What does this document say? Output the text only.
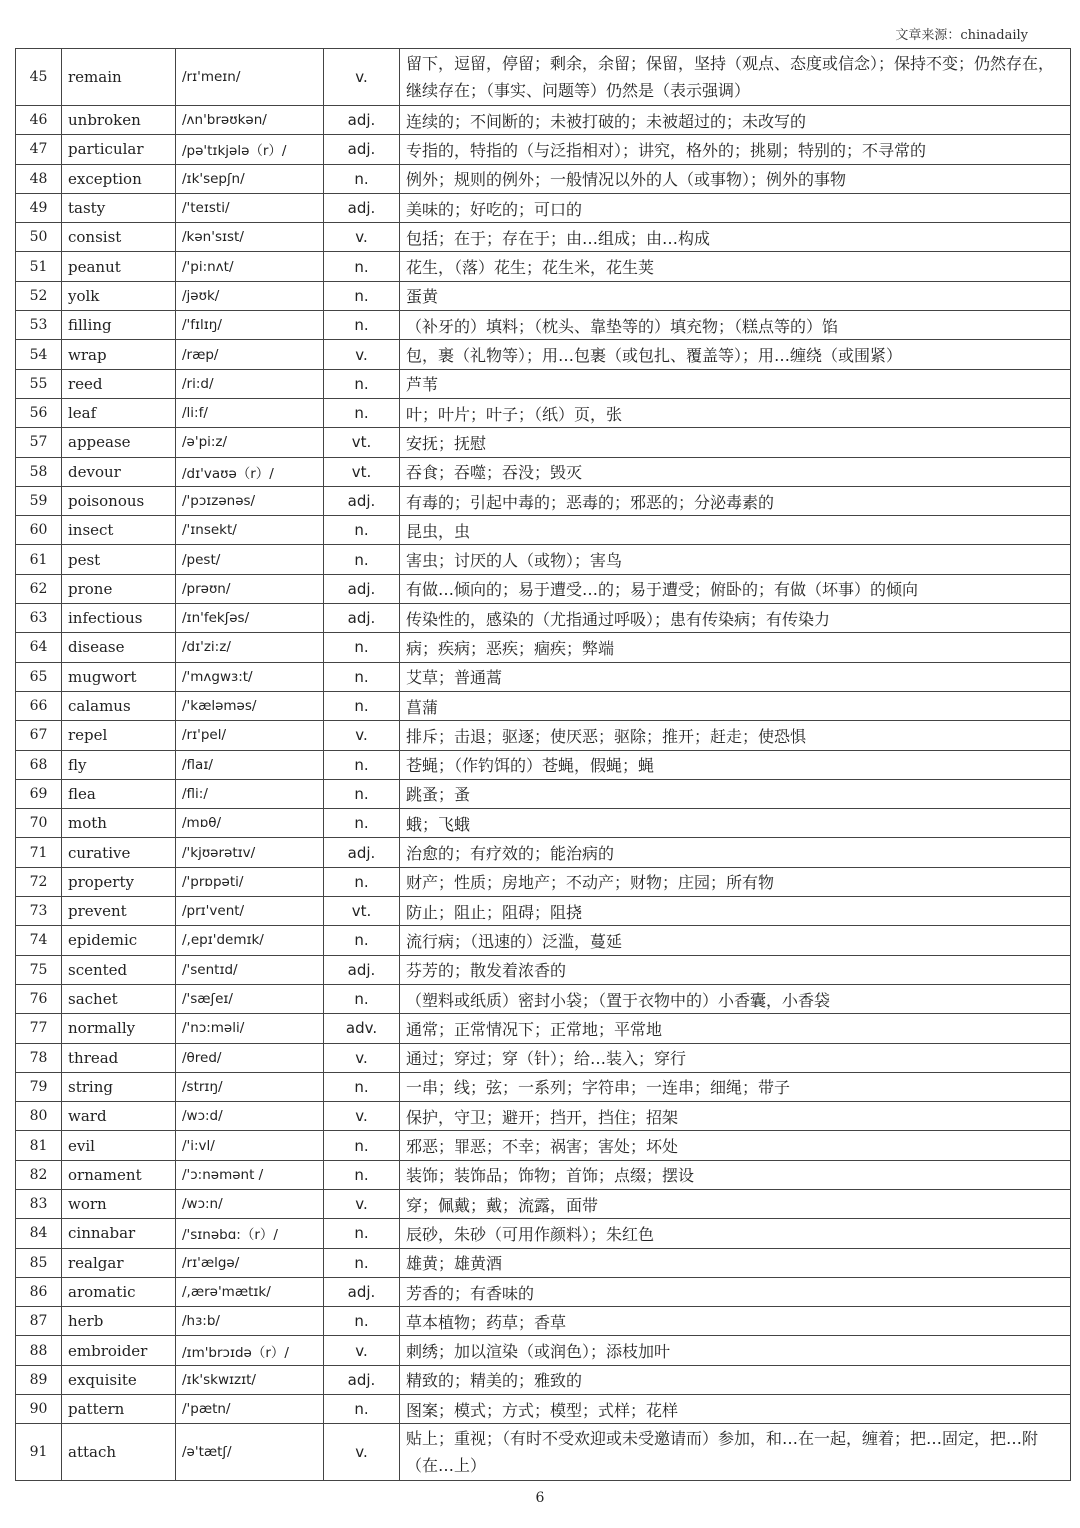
文章来源：chinadaily
45	remain	/rɪ'meɪn/	v.	留下，逗留，停留；剩余，余留；保留，坚持（观点、态度或信念）；保持不变；仍然存在，继续存在；（事实、问题等）仍然是（表示强调）
46	unbroken	/ʌn'brəʊkən/	adj.	连续的；不间断的；未被打破的；未被超过的；未改写的
47	particular	/pə'tɪkjələ（r）/	adj.	专指的，特指的（与泛指相对）；讲究，格外的；挑剔；特别的；不寻常的
48	exception	/ɪk'sepʃn/	n.	例外；规则的例外；一般情况以外的人（或事物）；例外的事物
49	tasty	/'teɪsti/	adj.	美味的；好吃的；可口的
50	consist	/kən'sɪst/	v.	包括；在于；存在于；由…组成；由…构成
51	peanut	/'pi:nʌt/	n.	花生，（落）花生；花生米，花生荚
52	yolk	/jəʊk/	n.	蛋黄
53	filling	/'fɪlɪŋ/	n.	（补牙的）填料；（枕头、靠垫等的）填充物；（糕点等的）馅
54	wrap	/ræp/	v.	包，裹（礼物等）；用…包裹（或包扎、覆盖等）；用…缠绕（或围紧）
55	reed	/ri:d/	n.	芦苇
56	leaf	/li:f/	n.	叶；叶片；叶子；（纸）页，张
57	appease	/ə'pi:z/	vt.	安抚；抚慰
58	devour	/dɪ'vaʊə（r）/	vt.	吞食；吞噬；吞没；毁灭
59	poisonous	/'pɔɪzənəs/	adj.	有毒的；引起中毒的；恶毒的；邪恶的；分泌毒素的
60	insect	/'ɪnsekt/	n.	昆虫，虫
61	pest	/pest/	n.	害虫；讨厌的人（或物）；害鸟
62	prone	/prəʊn/	adj.	有做…倾向的；易于遭受…的；易于遭受；俯卧的；有做（坏事）的倾向
63	infectious	/ɪn'fekʃəs/	adj.	传染性的，感染的（尤指通过呼吸）；患有传染病；有传染力
64	disease	/dɪ'zi:z/	n.	病；疾病；恶疾；痼疾；弊端
65	mugwort	/'mʌgwɜ:t/	n.	艾草；普通蒿
66	calamus	/'kæləməs/	n.	菖蒲
67	repel	/rɪ'pel/	v.	排斥；击退；驱逐；使厌恶；驱除；推开；赶走；使恐惧
68	fly	/flaɪ/	n.	苍蝇；（作钓饵的）苍蝇，假蝇；蝇
69	flea	/fli:/	n.	跳蚤；蚤
70	moth	/mɒθ/	n.	蛾；飞蛾
71	curative	/'kjʊərətɪv/	adj.	治愈的；有疗效的；能治病的
72	property	/'prɒpəti/	n.	财产；性质；房地产；不动产；财物；庄园；所有物
73	prevent	/prɪ'vent/	vt.	防止；阻止；阻碍；阻挠
74	epidemic	/,epɪ'demɪk/	n.	流行病；（迅速的）泛滥，蔓延
75	scented	/'sentɪd/	adj.	芬芳的；散发着浓香的
76	sachet	/'sæʃeɪ/	n.	（塑料或纸质）密封小袋；（置于衣物中的）小香囊，小香袋
77	normally	/'nɔ:məli/	adv.	通常；正常情况下；正常地；平常地
78	thread	/θred/	v.	通过；穿过；穿（针）；给…装入；穿行
79	string	/strɪŋ/	n.	一串；线；弦；一系列；字符串；一连串；细绳；带子
80	ward	/wɔ:d/	v.	保护，守卫；避开；挡开，挡住；招架
81	evil	/'i:vl/	n.	邪恶；罪恶；不幸；祸害；害处；坏处
82	ornament	/'ɔ:nəmənt /	n.	装饰；装饰品；饰物；首饰；点缀；摆设
83	worn	/wɔ:n/	v.	穿；佩戴；戴；流露，面带
84	cinnabar	/'sɪnəbɑ:（r）/	n.	辰砂，朱砂（可用作颜料）；朱红色
85	realgar	/rɪ'ælgə/	n.	雄黄；雄黄酒
86	aromatic	/,ærə'mætɪk/	adj.	芳香的；有香味的
87	herb	/hɜ:b/	n.	草本植物；药草；香草
88	embroider	/ɪm'brɔɪdə（r）/	v.	刺绣；加以渲染（或润色）；添枝加叶
89	exquisite	/ɪk'skwɪzɪt/	adj.	精致的；精美的；雅致的
90	pattern	/'pætn/	n.	图案；模式；方式；模型；式样；花样
91	attach	/ə'tætʃ/	v.	贴上；重视；（有时不受欢迎或未受邀请而）参加，和…在一起，缠着；把…固定，把…附（在…上）
6
